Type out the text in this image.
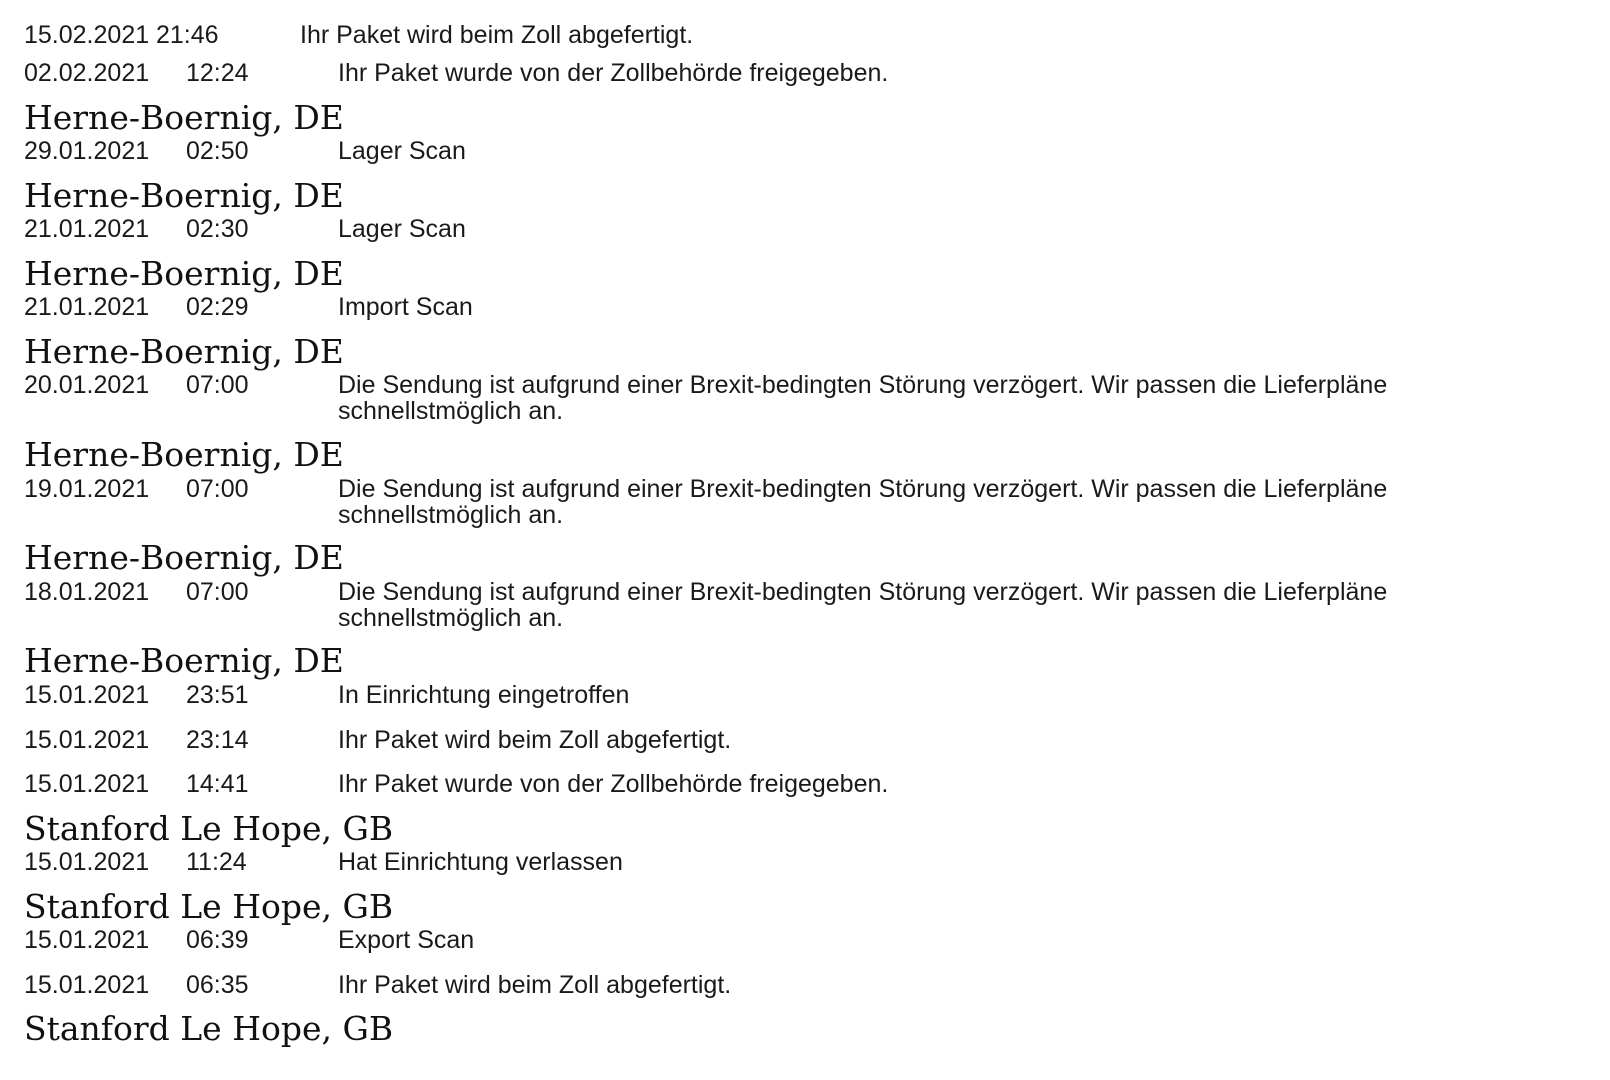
15.02.2021 21:46	Ihr Paket wird beim Zoll abgefertigt.
02.02.2021 12:24	Ihr Paket wurde von der Zollbehörde freigegeben.
Herne-Boernig, DE
29.01.2021 02:50	Lager Scan
Herne-Boernig, DE
21.01.2021 02:30	Lager Scan
Herne-Boernig, DE
21.01.2021 02:29	Import Scan
Herne-Boernig, DE
20.01.2021 07:00	Die Sendung ist aufgrund einer Brexit-bedingten Störung verzögert. Wir passen die Lieferpläne schnellstmöglich an.
Herne-Boernig, DE
19.01.2021 07:00	Die Sendung ist aufgrund einer Brexit-bedingten Störung verzögert. Wir passen die Lieferpläne schnellstmöglich an.
Herne-Boernig, DE
18.01.2021 07:00	Die Sendung ist aufgrund einer Brexit-bedingten Störung verzögert. Wir passen die Lieferpläne schnellstmöglich an.
Herne-Boernig, DE
15.01.2021 23:51	In Einrichtung eingetroffen
15.01.2021 23:14	Ihr Paket wird beim Zoll abgefertigt.
15.01.2021 14:41	Ihr Paket wurde von der Zollbehörde freigegeben.
Stanford Le Hope, GB
15.01.2021 11:24	Hat Einrichtung verlassen
Stanford Le Hope, GB
15.01.2021 06:39	Export Scan
15.01.2021 06:35	Ihr Paket wird beim Zoll abgefertigt.
Stanford Le Hope, GB
